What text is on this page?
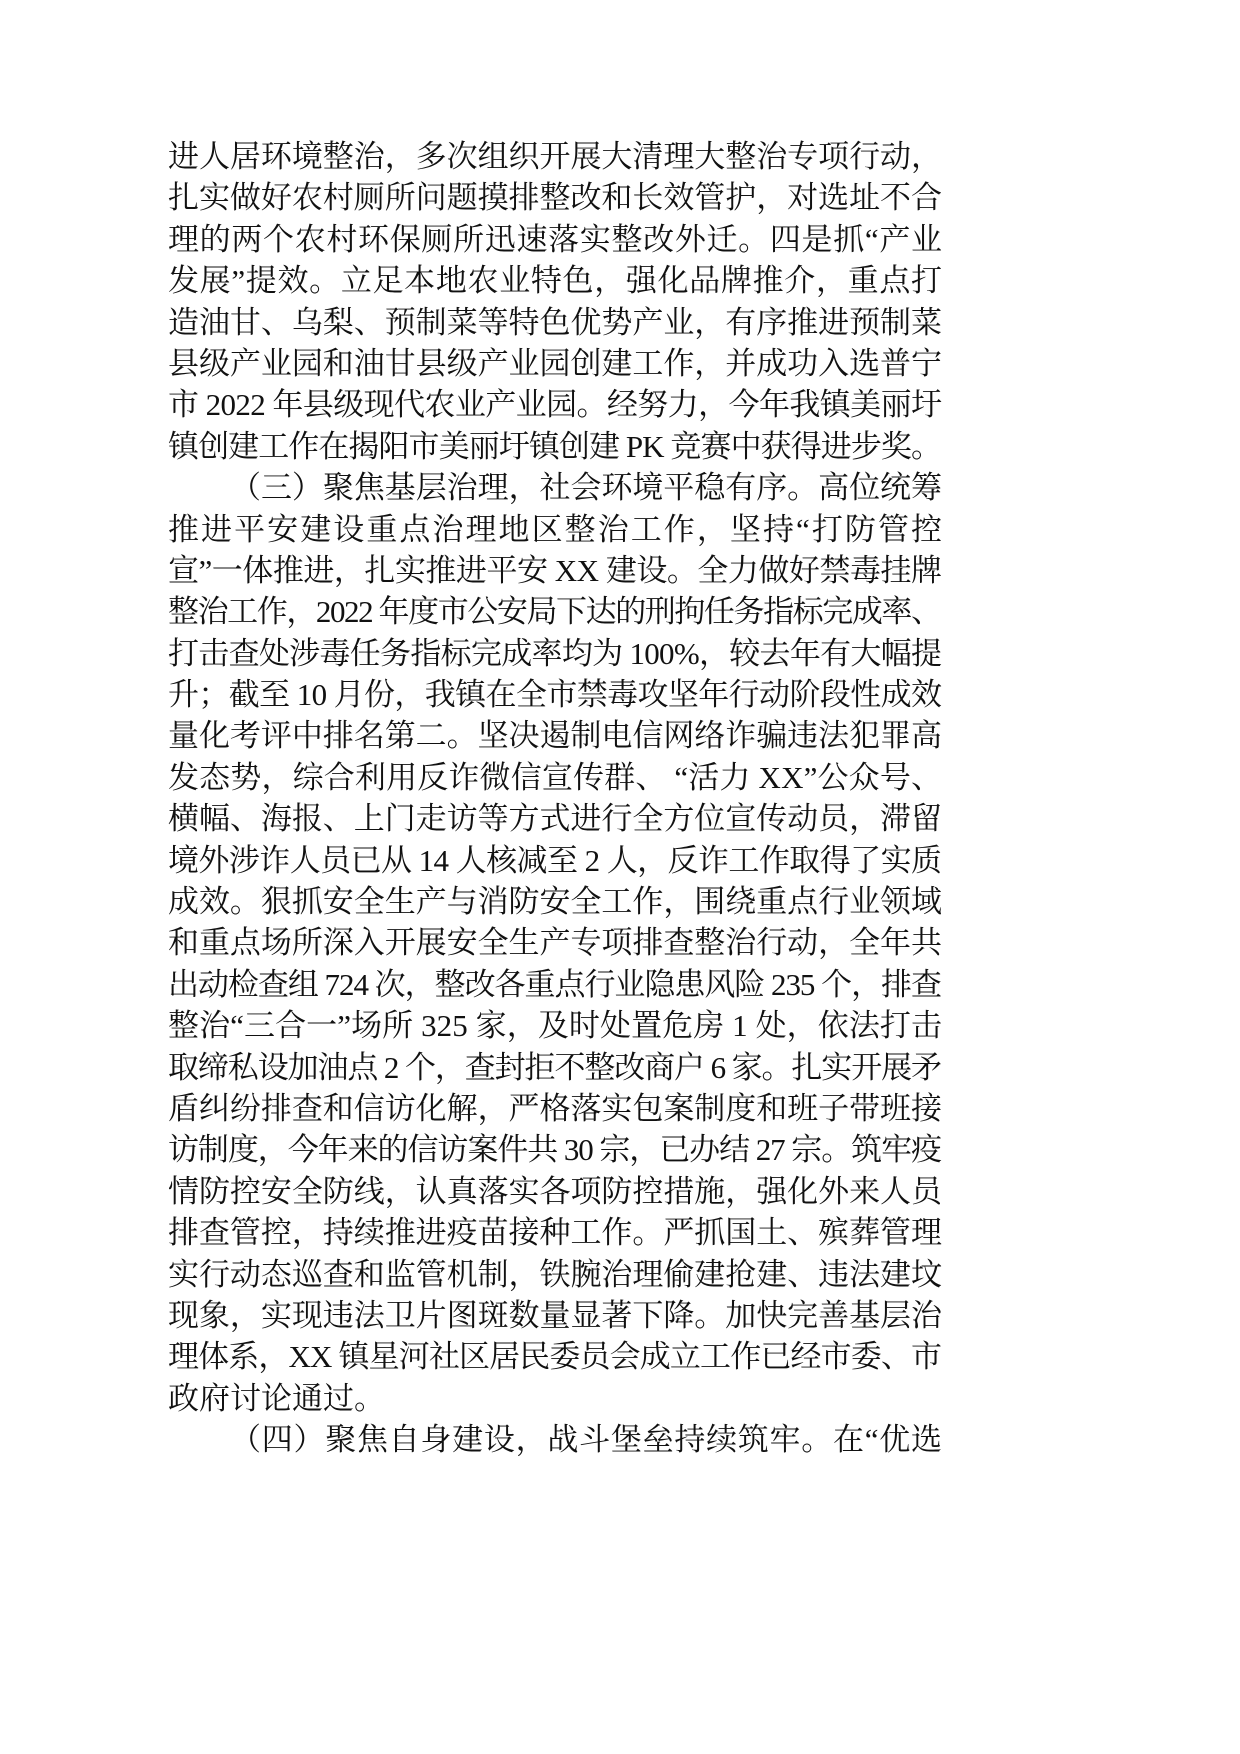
进人居环境整治，多次组织开展大清理大整治专项行动，
扎实做好农村厕所问题摸排整改和长效管护，对选址不合
理的两个农村环保厕所迅速落实整改外迁。四是抓“产业
发展”提效。立足本地农业特色，强化品牌推介，重点打
造油甘、乌梨、预制菜等特色优势产业，有序推进预制菜
县级产业园和油甘县级产业园创建工作，并成功入选普宁
市 2022 年县级现代农业产业园。经努力，今年我镇美丽圩
镇创建工作在揭阳市美丽圩镇创建 PK 竞赛中获得进步奖。
（三）聚焦基层治理，社会环境平稳有序。高位统筹
推进平安建设重点治理地区整治工作，坚持“打防管控
宣”一体推进，扎实推进平安 XX 建设。全力做好禁毒挂牌
整治工作，2022 年度市公安局下达的刑拘任务指标完成率、
打击查处涉毒任务指标完成率均为 100%，较去年有大幅提
升；截至 10 月份，我镇在全市禁毒攻坚年行动阶段性成效
量化考评中排名第二。坚决遏制电信网络诈骗违法犯罪高
发态势，综合利用反诈微信宣传群、 “活力 XX”公众号、
横幅、海报、上门走访等方式进行全方位宣传动员，滞留
境外涉诈人员已从 14 人核减至 2 人，反诈工作取得了实质
成效。狠抓安全生产与消防安全工作，围绕重点行业领域
和重点场所深入开展安全生产专项排查整治行动，全年共
出动检查组 724 次，整改各重点行业隐患风险 235 个，排查
整治“三合一”场所 325 家，及时处置危房 1 处，依法打击
取缔私设加油点 2 个，查封拒不整改商户 6 家。扎实开展矛
盾纠纷排查和信访化解，严格落实包案制度和班子带班接
访制度，今年来的信访案件共 30 宗，已办结 27 宗。筑牢疫
情防控安全防线，认真落实各项防控措施，强化外来人员
排查管控，持续推进疫苗接种工作。严抓国土、殡葬管理
实行动态巡查和监管机制，铁腕治理偷建抢建、违法建坟
现象，实现违法卫片图斑数量显著下降。加快完善基层治
理体系，XX 镇星河社区居民委员会成立工作已经市委、市
政府讨论通过。
（四）聚焦自身建设，战斗堡垒持续筑牢。在“优选
